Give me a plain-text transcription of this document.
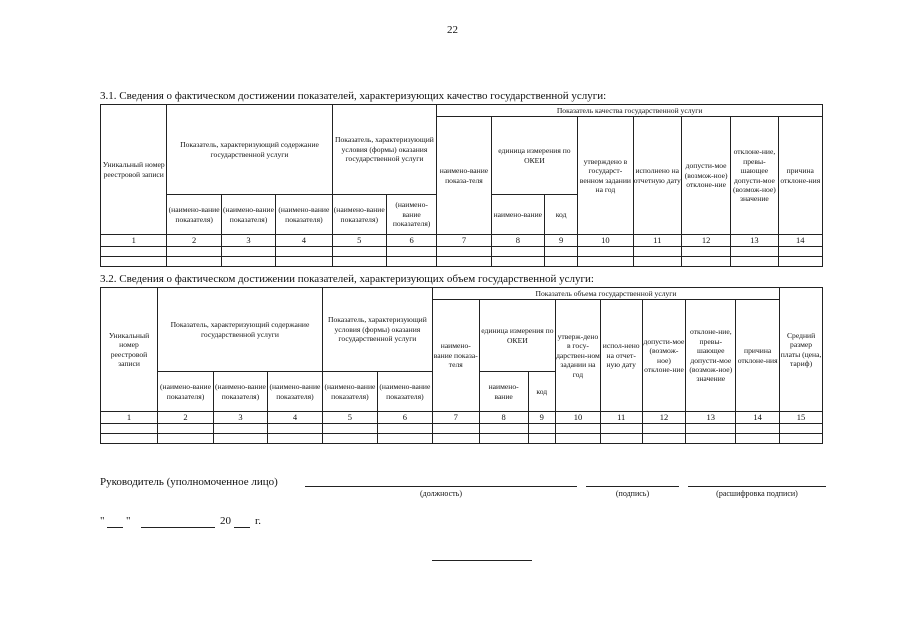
22
3.1. Сведения о фактическом достижении показателей, характеризующих качество государственной услуги:
Уникальный номер реестровой записи	Показатель, характеризующий содержание государственной услуги			Показатель, характеризующий условия (формы) оказания государственной услуги		Показатель качества государственной услуги							
						наимено-вание показа-теля	единица измерения по ОКЕИ		утверждено в государст-венном задании на год	исполнено на отчетную дату	допусти-мое (возмож-ное) отклоне-ние	отклоне-ние, превы-шающее допусти-мое (возмож-ное) значение	причина отклоне-ния
	(наимено-вание показателя)	(наимено-вание показателя)	(наимено-вание показателя)	(наимено-вание показателя)	(наимено-вание показателя)		наимено-вание	код					
1	2	3	4	5	6	7	8	9	10	11	12	13	14

3.2. Сведения о фактическом достижении показателей, характеризующих объем государственной услуги:
Уникальный номер реестровой записи	Показатель, характеризующий содержание государственной услуги			Показатель, характеризующий условия (формы) оказания государственной услуги		Показатель объема государственной услуги								Средний размер платы (цена, тариф)
						наимено-вание показа-теля	единица измерения по ОКЕИ		утверж-дено в госу-дарствен-ном задании на год	испол-нено на отчет-ную дату	допусти-мое (возмож-ное) отклоне-ние	отклоне-ние, превы-шающее допусти-мое (возмож-ное) значение	причина отклоне-ния	
	(наимено-вание показателя)	(наимено-вание показателя)	(наимено-вание показателя)	(наимено-вание показателя)	(наимено-вание показателя)		наимено-вание	код						
1	2	3	4	5	6	7	8	9	10	11	12	13	14	15

Руководитель (уполномоченное лицо)
(должность)	(подпись)	(расшифровка подписи)
" "	20 г.
